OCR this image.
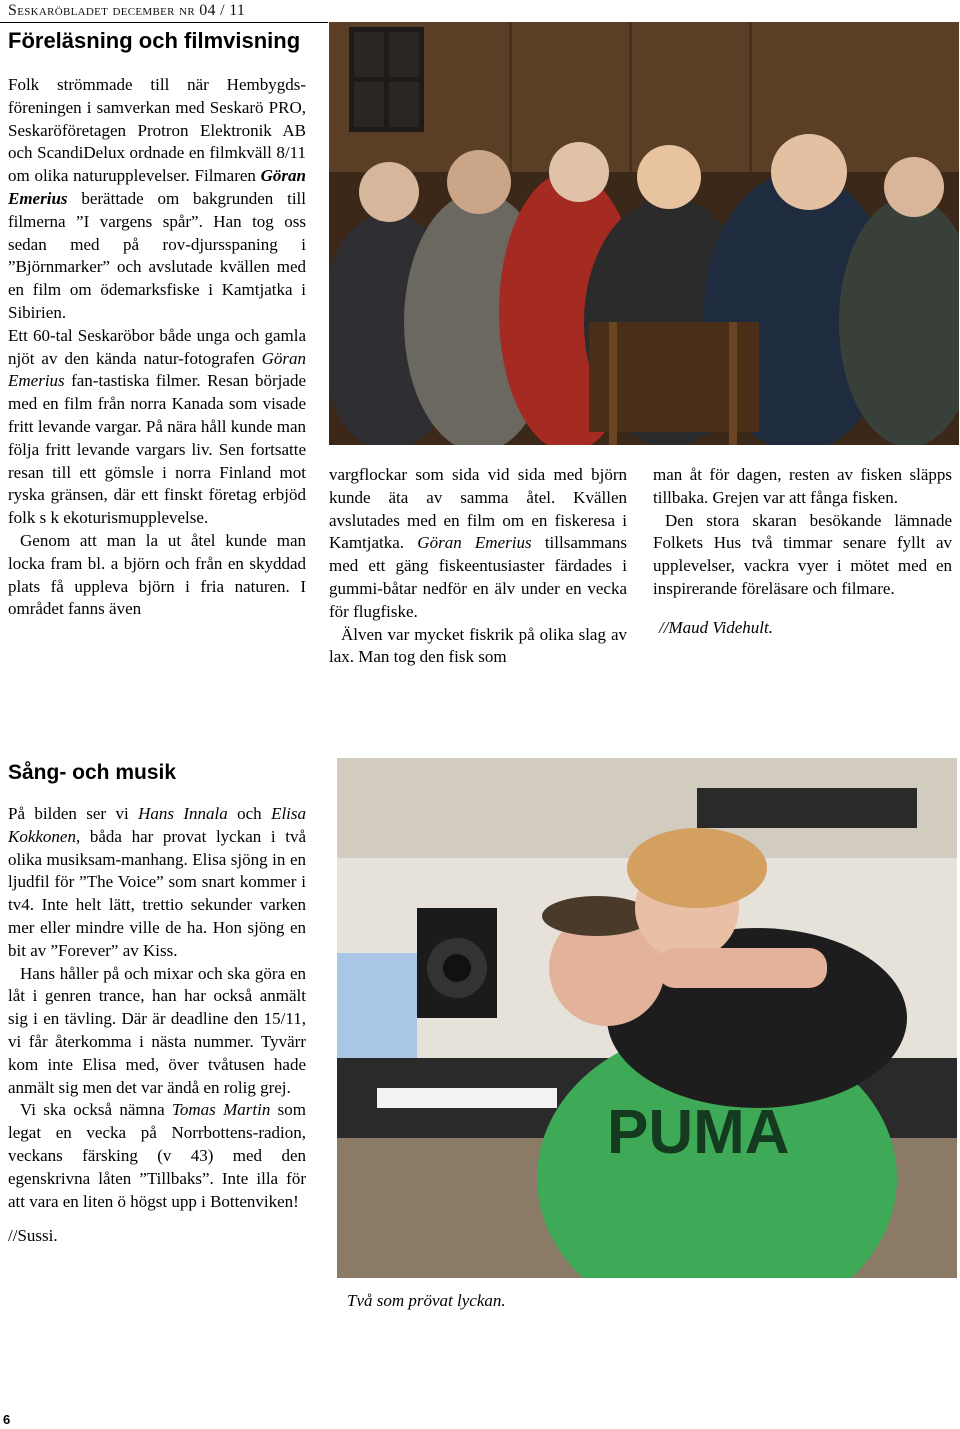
Seskaröbladet december nr 04 / 11
Föreläsning och filmvisning

Folk strömmade till när Hembygds-föreningen i samverkan med Seskarö PRO, Seskaröföretagen Protron Elektronik AB och ScandiDelux ordnade en filmkväll 8/11 om olika naturupplevelser. Filmaren Göran Emerius berättade om bakgrunden till filmerna ”I vargens spår”. Han tog oss sedan med på rov-djursspaning i ”Björnmarker” och avslutade kvällen med en film om ödemarksfiske i Kamtjatka i Sibirien.

Ett 60-tal Seskaröbor både unga och gamla njöt av den kända natur-fotografen Göran Emerius fan-tastiska filmer. Resan började med en film från norra Kanada som visade fritt levande vargar. På nära håll kunde man följa fritt levande vargars liv. Sen fortsatte resan till ett gömsle i norra Finland mot ryska gränsen, där ett finskt företag erbjöd folk s k ekoturismupplevelse.

Genom att man la ut åtel kunde man locka fram bl. a björn och från en skyddad plats få uppleva björn i fria naturen. I området fanns även

vargflockar som sida vid sida med björn kunde äta av samma åtel. Kvällen avslutades med en film om en fiskeresa i Kamtjatka. Göran Emerius tillsammans med ett gäng fiskeentusiaster färdades i gummi-båtar nedför en älv under en vecka för flugfiske.

Älven var mycket fiskrik på olika slag av lax. Man tog den fisk som

man åt för dagen, resten av fisken släpps tillbaka. Grejen var att fånga fisken.

Den stora skaran besökande lämnade Folkets Hus två timmar senare fyllt av upplevelser, vackra vyer i mötet med en inspirerande föreläsare och filmare.

//Maud Videhult.

Sång- och musik

På bilden ser vi Hans Innala och Elisa Kokkonen, båda har provat lyckan i två olika musiksam-manhang. Elisa sjöng in en ljudfil för ”The Voice” som snart kommer i tv4. Inte helt lätt, trettio sekunder varken mer eller mindre ville de ha. Hon sjöng en bit av ”Forever” av Kiss.

Hans håller på och mixar och ska göra en låt i genren trance, han har också anmält sig i en tävling. Där är deadline den 15/11, vi får återkomma i nästa nummer. Tyvärr kom inte Elisa med, över tvåtusen hade anmält sig men det var ändå en rolig grej.

Vi ska också nämna Tomas Martin som legat en vecka på Norrbottens-radion, veckans färsking (v 43) med den egenskrivna låten ”Tillbaks”. Inte illa för att vara en liten ö högst upp i Bottenviken!

//Sussi.

PUMA
Två som prövat lyckan.
6
